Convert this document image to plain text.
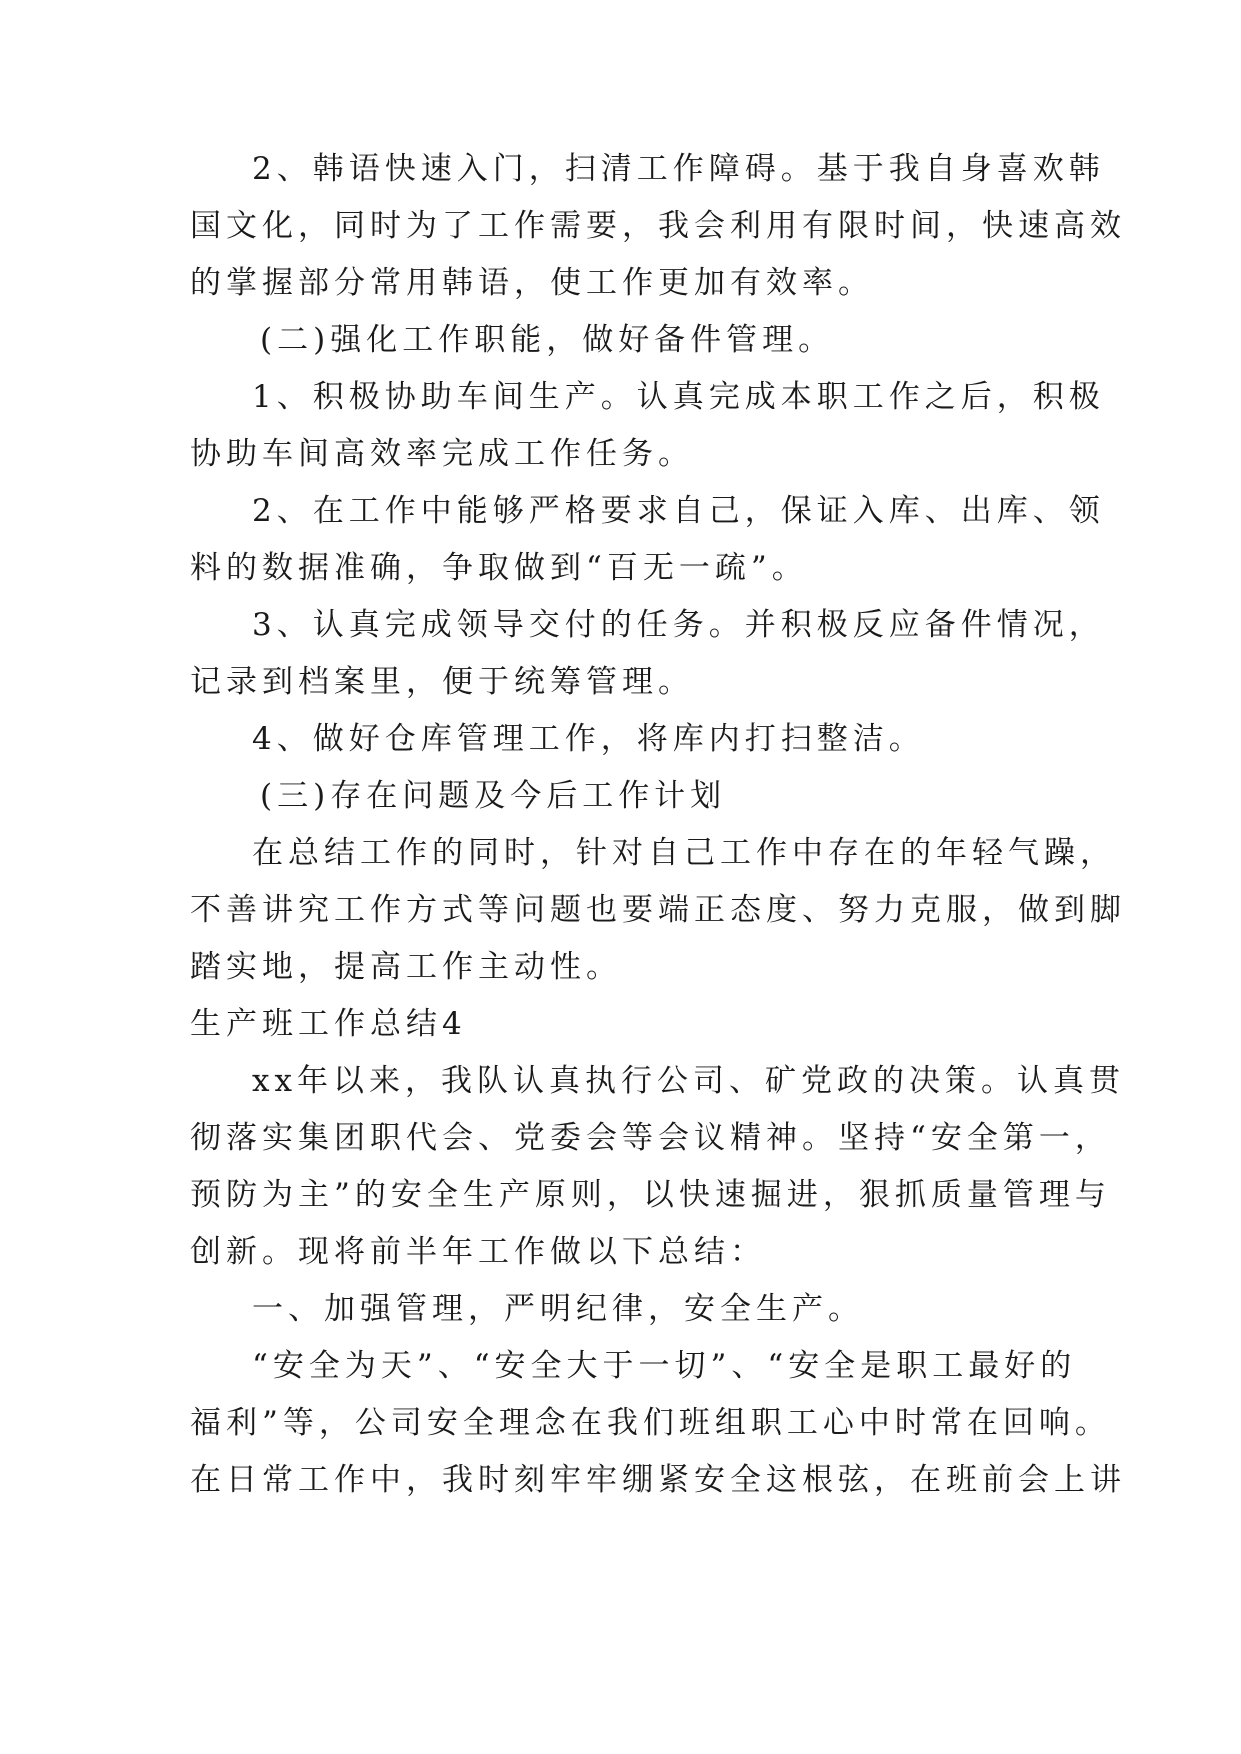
2、韩语快速入门，扫清工作障碍。基于我自身喜欢韩
国文化，同时为了工作需要，我会利用有限时间，快速高效
的掌握部分常用韩语，使工作更加有效率。
(二)强化工作职能，做好备件管理。
1、积极协助车间生产。认真完成本职工作之后，积极
协助车间高效率完成工作任务。
2、在工作中能够严格要求自己，保证入库、出库、领
料的数据准确，争取做到“百无一疏”。
3、认真完成领导交付的任务。并积极反应备件情况，
记录到档案里，便于统筹管理。
4、做好仓库管理工作，将库内打扫整洁。
(三)存在问题及今后工作计划
在总结工作的同时，针对自己工作中存在的年轻气躁，
不善讲究工作方式等问题也要端正态度、努力克服，做到脚
踏实地，提高工作主动性。
生产班工作总结4
xx年以来，我队认真执行公司、矿党政的决策。认真贯
彻落实集团职代会、党委会等会议精神。坚持“安全第一，
预防为主”的安全生产原则，以快速掘进，狠抓质量管理与
创新。现将前半年工作做以下总结：
一、加强管理，严明纪律，安全生产。
“安全为天”、“安全大于一切”、“安全是职工最好的
福利”等，公司安全理念在我们班组职工心中时常在回响。
在日常工作中，我时刻牢牢绷紧安全这根弦，在班前会上讲
